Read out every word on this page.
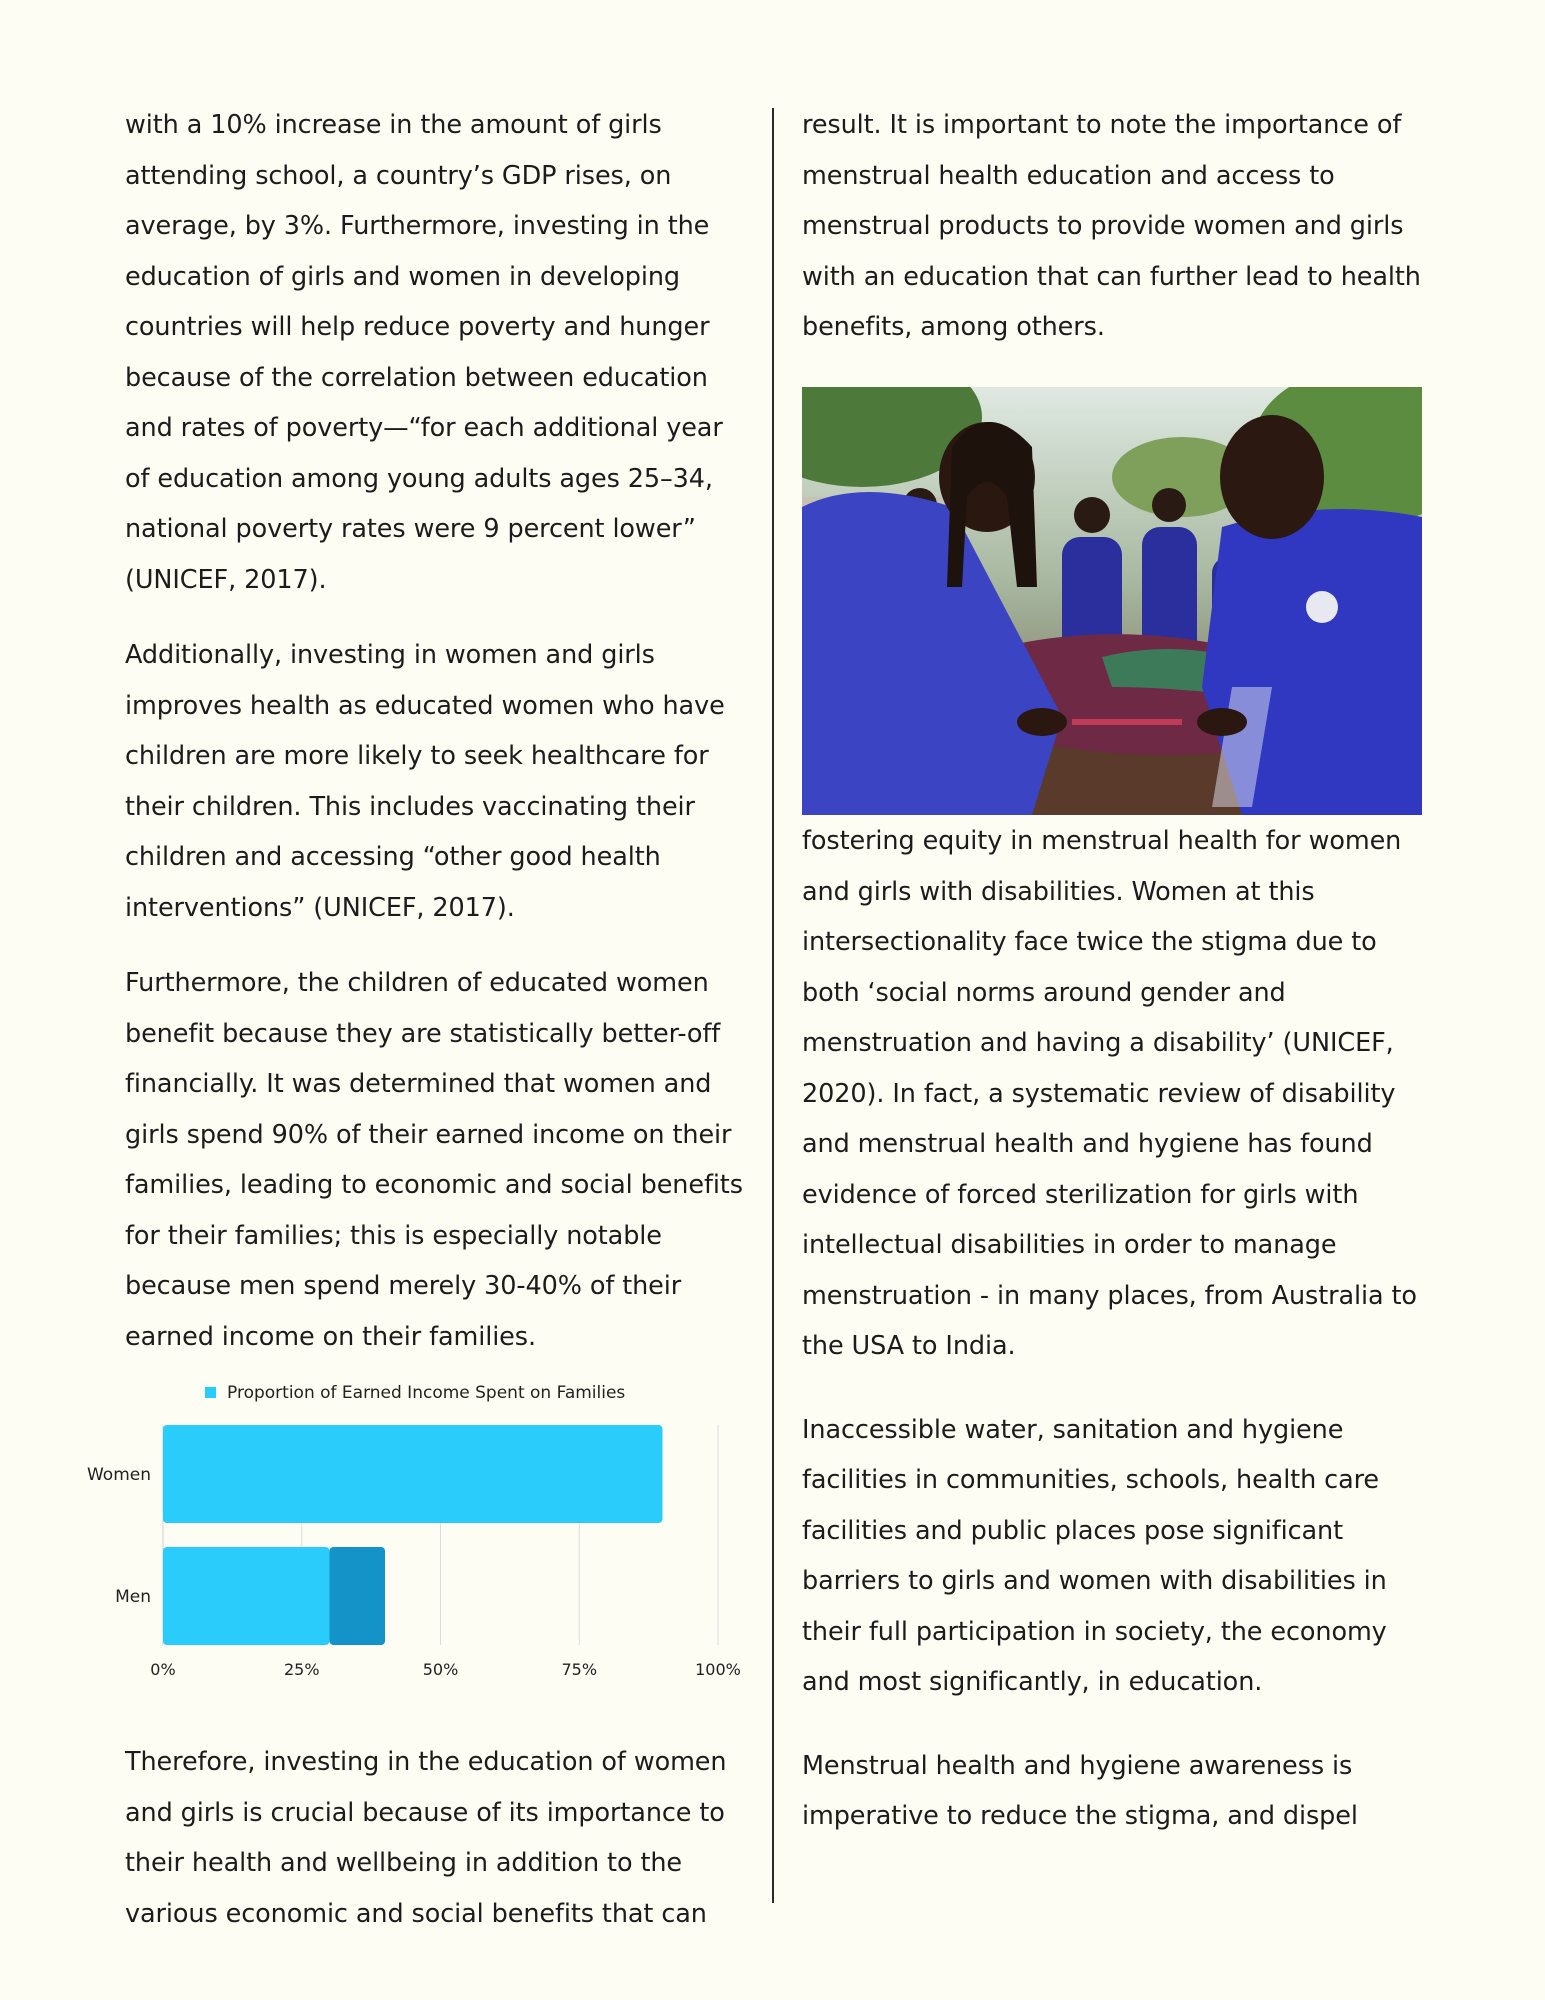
with a 10% increase in the amount of girls attending school, a country’s GDP rises, on average, by 3%. Furthermore, investing in the education of girls and women in developing countries will help reduce poverty and hunger because of the correlation between education and rates of poverty—“for each additional year of education among young adults ages 25–34, national poverty rates were 9 percent lower” (UNICEF, 2017).

Additionally, investing in women and girls improves health as educated women who have children are more likely to seek healthcare for their children. This includes vaccinating their children and accessing “other good health interventions” (UNICEF, 2017).

Furthermore, the children of educated women benefit because they are statistically better-off financially. It was determined that women and girls spend 90% of their earned income on their families, leading to economic and social benefits for their families; this is especially notable because men spend merely 30-40% of their earned income on their families.

Therefore, investing in the education of women and girls is crucial because of its importance to their health and wellbeing in addition to the various economic and social benefits that can

0%	25%	50%	75%	100%
Proportion of Earned Income Spent on Families
Women
Men

result. It is important to note the importance of menstrual health education and access to menstrual products to provide women and girls with an education that can further lead to health benefits, among others.

fostering equity in menstrual health for women and girls with disabilities. Women at this intersectionality face twice the stigma due to both ‘social norms around gender and menstruation and having a disability’ (UNICEF, 2020). In fact, a systematic review of disability and menstrual health and hygiene has found evidence of forced sterilization for girls with intellectual disabilities in order to manage menstruation - in many places, from Australia to the USA to India.

Inaccessible water, sanitation and hygiene facilities in communities, schools, health care facilities and public places pose significant barriers to girls and women with disabilities in their full participation in society, the economy and most significantly, in education.

Menstrual health and hygiene awareness is imperative to reduce the stigma, and dispel
